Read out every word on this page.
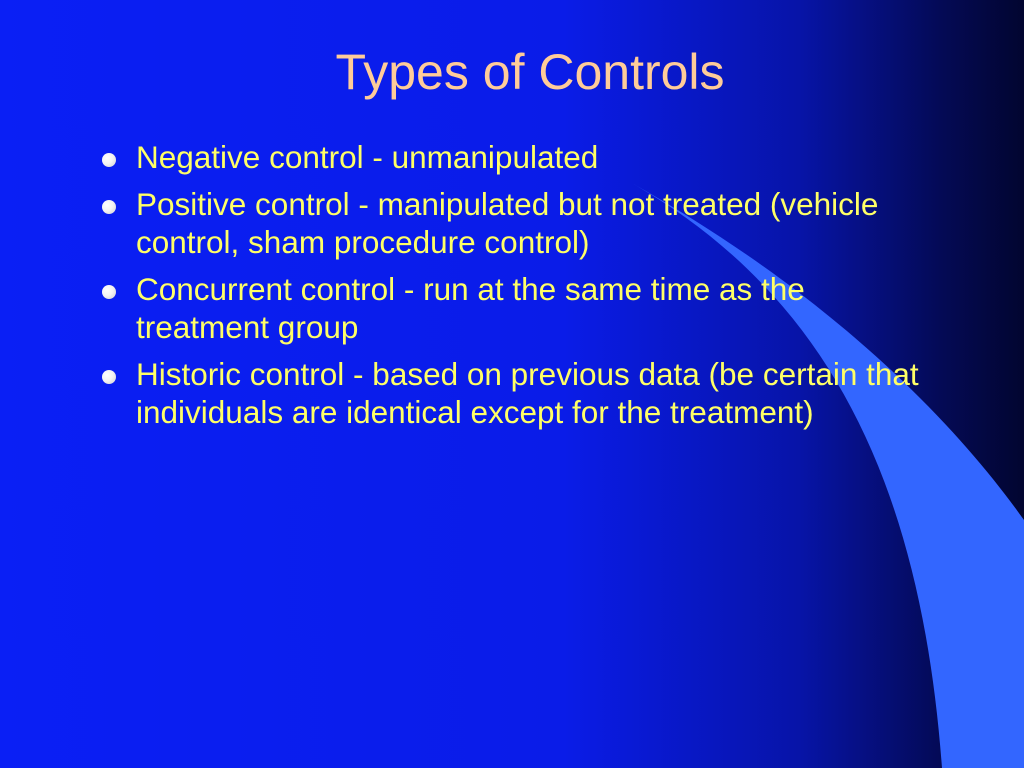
Types of Controls
Negative control - unmanipulated
Positive control - manipulated but not treated (vehicle control, sham procedure control)
Concurrent control - run at the same time as the treatment group
Historic control - based on previous data (be certain that individuals are identical except for the treatment)
